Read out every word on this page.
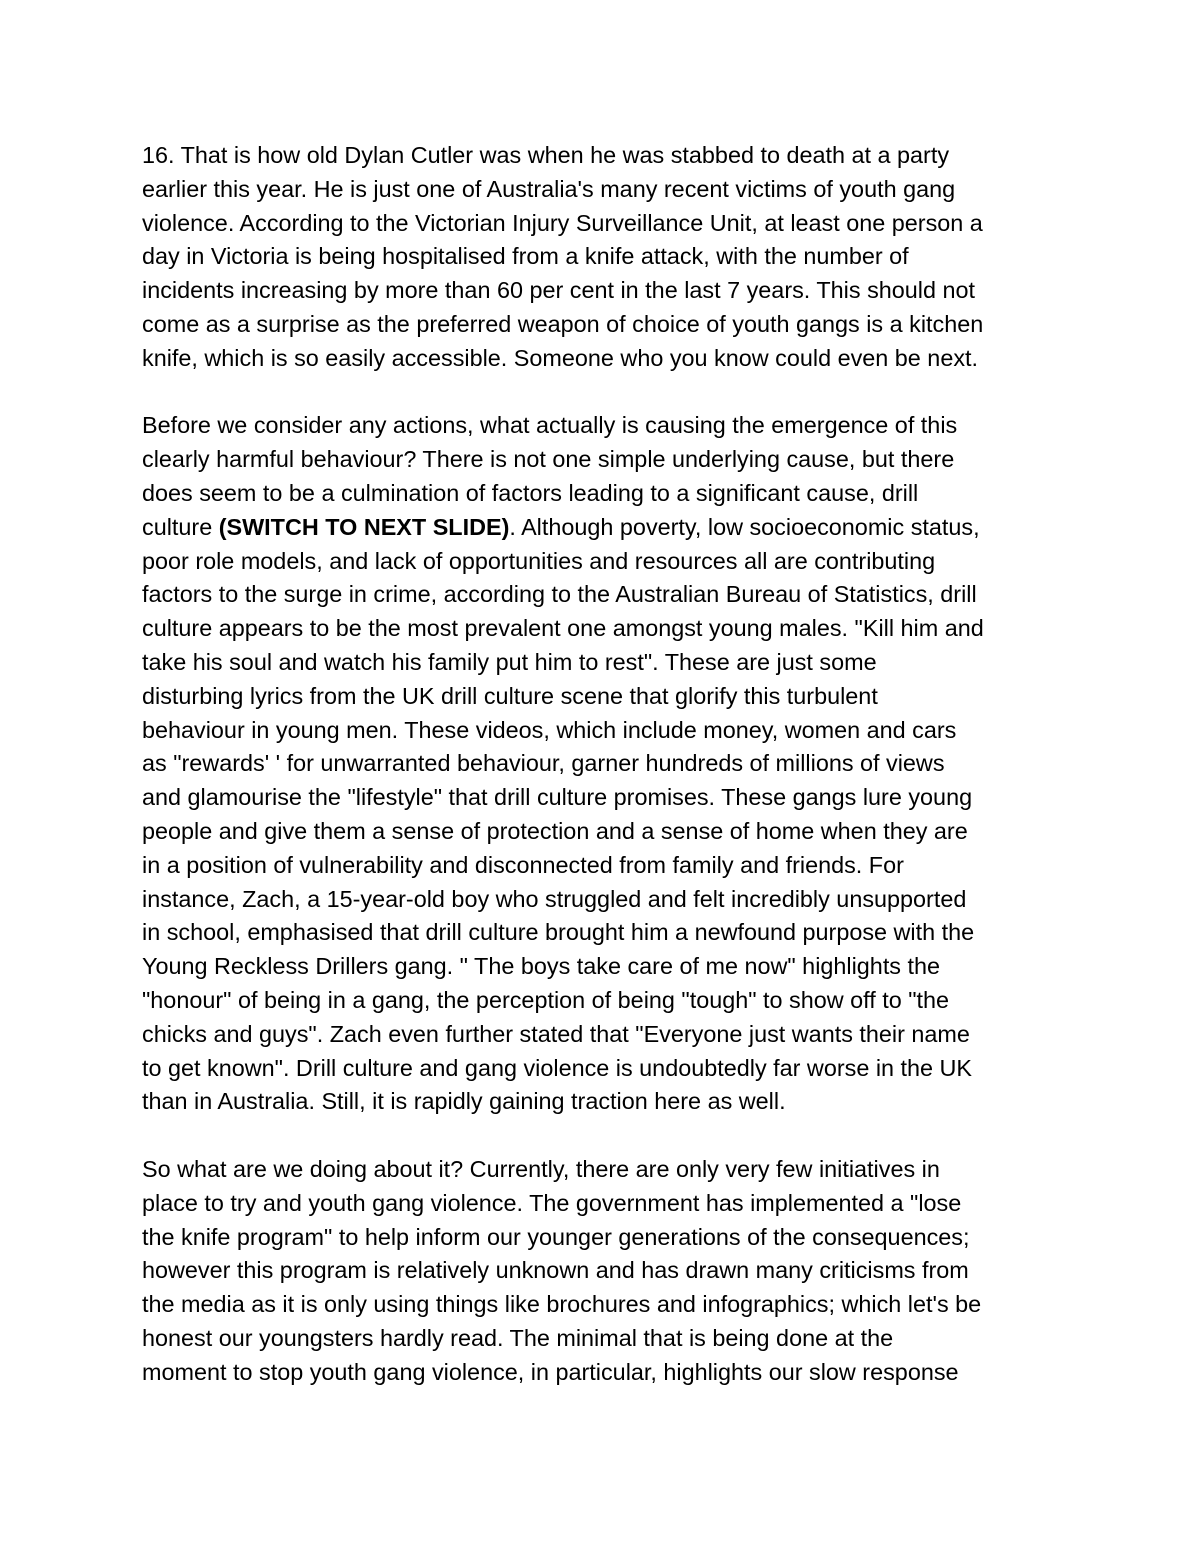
16. That is how old Dylan Cutler was when he was stabbed to death at a party
earlier this year. He is just one of Australia's many recent victims of youth gang
violence. According to the Victorian Injury Surveillance Unit, at least one person a
day in Victoria is being hospitalised from a knife attack, with the number of
incidents increasing by more than 60 per cent in the last 7 years. This should not
come as a surprise as the preferred weapon of choice of youth gangs is a kitchen
knife, which is so easily accessible. Someone who you know could even be next.

Before we consider any actions, what actually is causing the emergence of this
clearly harmful behaviour? There is not one simple underlying cause, but there
does seem to be a culmination of factors leading to a significant cause, drill
culture (SWITCH TO NEXT SLIDE). Although poverty, low socioeconomic status,
poor role models, and lack of opportunities and resources all are contributing
factors to the surge in crime, according to the Australian Bureau of Statistics, drill
culture appears to be the most prevalent one amongst young males. "Kill him and
take his soul and watch his family put him to rest". These are just some
disturbing lyrics from the UK drill culture scene that glorify this turbulent
behaviour in young men. These videos, which include money, women and cars
as "rewards' ' for unwarranted behaviour, garner hundreds of millions of views
and glamourise the "lifestyle" that drill culture promises. These gangs lure young
people and give them a sense of protection and a sense of home when they are
in a position of vulnerability and disconnected from family and friends. For
instance, Zach, a 15-year-old boy who struggled and felt incredibly unsupported
in school, emphasised that drill culture brought him a newfound purpose with the
Young Reckless Drillers gang. " The boys take care of me now" highlights the
"honour" of being in a gang, the perception of being "tough" to show off to "the
chicks and guys". Zach even further stated that "Everyone just wants their name
to get known". Drill culture and gang violence is undoubtedly far worse in the UK
than in Australia. Still, it is rapidly gaining traction here as well.

So what are we doing about it? Currently, there are only very few initiatives in
place to try and youth gang violence. The government has implemented a "lose
the knife program" to help inform our younger generations of the consequences;
however this program is relatively unknown and has drawn many criticisms from
the media as it is only using things like brochures and infographics; which let's be
honest our youngsters hardly read. The minimal that is being done at the
moment to stop youth gang violence, in particular, highlights our slow response
